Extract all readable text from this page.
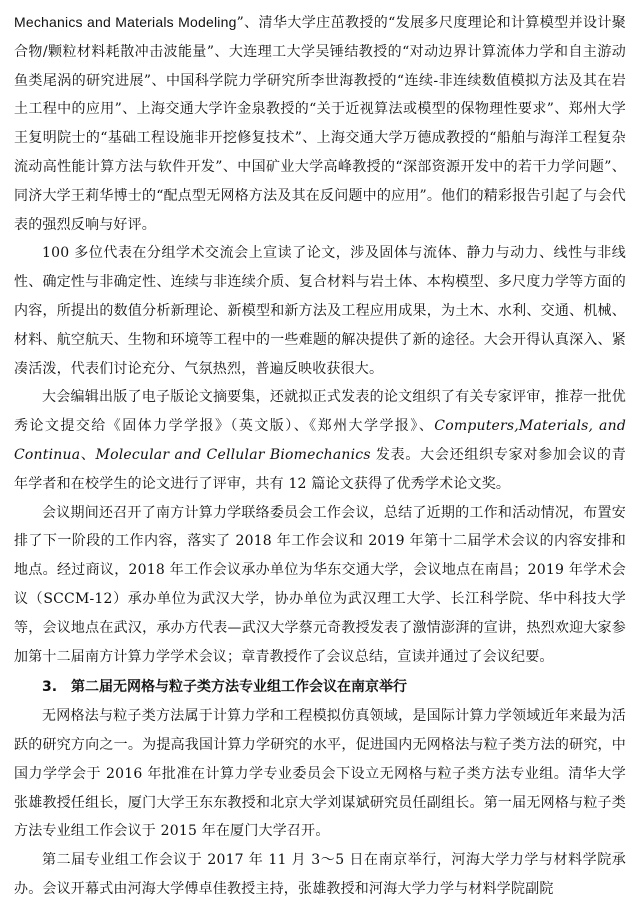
Mechanics and Materials Modeling”、清华大学庄茁教授的“发展多尺度理论和计算模型并设计聚合物/颗粒材料耗散冲击波能量”、大连理工大学吴锤结教授的“对动边界计算流体力学和自主游动鱼类尾涡的研究进展”、中国科学院力学研究所李世海教授的“连续-非连续数值模拟方法及其在岩土工程中的应用”、上海交通大学许金泉教授的“关于近视算法或模型的保物理性要求”、郑州大学王复明院士的“基础工程设施非开挖修复技术”、上海交通大学万德成教授的“船舶与海洋工程复杂流动高性能计算方法与软件开发”、中国矿业大学高峰教授的“深部资源开发中的若干力学问题”、同济大学王莉华博士的“配点型无网格方法及其在反问题中的应用”。他们的精彩报告引起了与会代表的强烈反响与好评。

100 多位代表在分组学术交流会上宣读了论文，涉及固体与流体、静力与动力、线性与非线性、确定性与非确定性、连续与非连续介质、复合材料与岩土体、本构模型、多尺度力学等方面的内容，所提出的数值分析新理论、新模型和新方法及工程应用成果，为土木、水利、交通、机械、材料、航空航天、生物和环境等工程中的一些难题的解决提供了新的途径。大会开得认真深入、紧凑活泼，代表们讨论充分、气氛热烈，普遍反映收获很大。

大会编辑出版了电子版论文摘要集，还就拟正式发表的论文组织了有关专家评审，推荐一批优秀论文提交给《固体力学学报》（英文版）、《郑州大学学报》、Computers,Materials, and Continua、Molecular and Cellular Biomechanics 发表。大会还组织专家对参加会议的青年学者和在校学生的论文进行了评审，共有 12 篇论文获得了优秀学术论文奖。

会议期间还召开了南方计算力学联络委员会工作会议，总结了近期的工作和活动情况，布置安排了下一阶段的工作内容，落实了 2018 年工作会议和 2019 年第十二届学术会议的内容安排和地点。经过商议，2018 年工作会议承办单位为华东交通大学，会议地点在南昌；2019 年学术会议（SCCM-12）承办单位为武汉大学，协办单位为武汉理工大学、长江科学院、华中科技大学等，会议地点在武汉，承办方代表—武汉大学蔡元奇教授发表了激情澎湃的宣讲，热烈欢迎大家参加第十二届南方计算力学学术会议；章青教授作了会议总结，宣读并通过了会议纪要。

3.　第二届无网格与粒子类方法专业组工作会议在南京举行

无网格法与粒子类方法属于计算力学和工程模拟仿真领域，是国际计算力学领域近年来最为活跃的研究方向之一。为提高我国计算力学研究的水平，促进国内无网格法与粒子类方法的研究，中国力学学会于 2016 年批准在计算力学专业委员会下设立无网格与粒子类方法专业组。清华大学张雄教授任组长，厦门大学王东东教授和北京大学刘谋斌研究员任副组长。第一届无网格与粒子类方法专业组工作会议于 2015 年在厦门大学召开。

第二届专业组工作会议于 2017 年 11 月 3～5 日在南京举行，河海大学力学与材料学院承办。会议开幕式由河海大学傅卓佳教授主持，张雄教授和河海大学力学与材料学院副院
